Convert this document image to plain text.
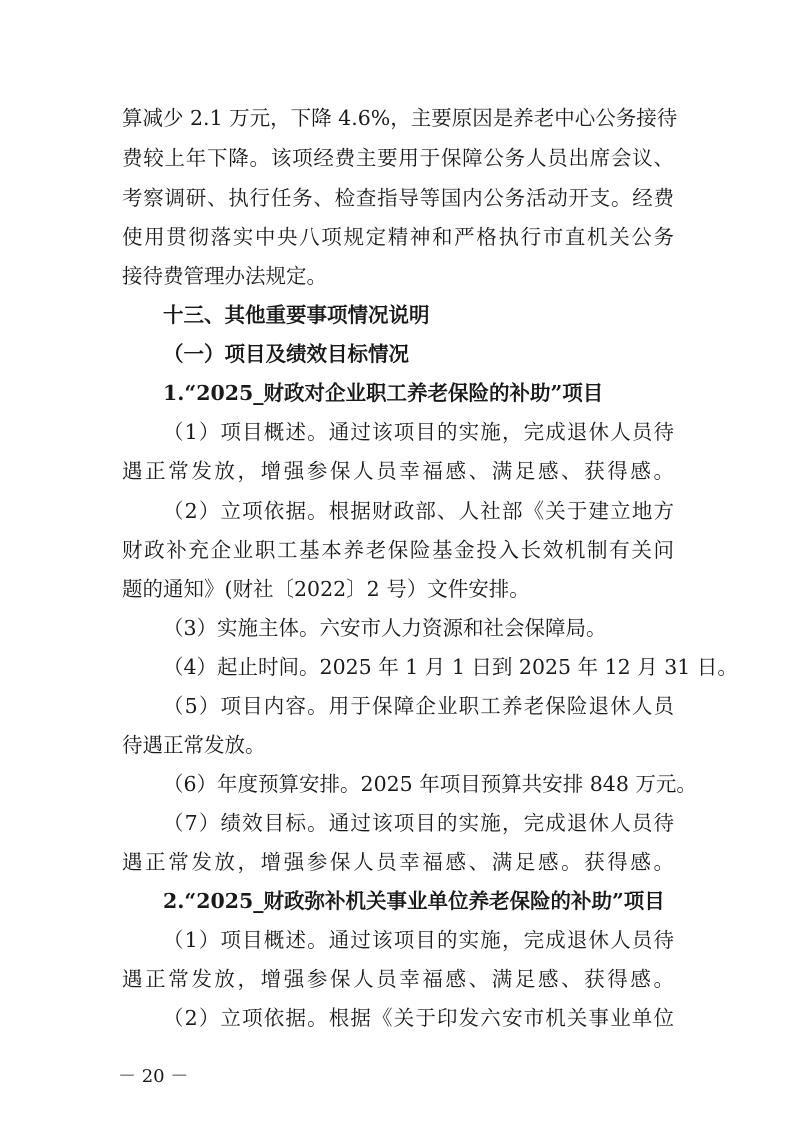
算减少 2.1 万元，下降 4.6%，主要原因是养老中心公务接待
费较上年下降。该项经费主要用于保障公务人员出席会议、
考察调研、执行任务、检查指导等国内公务活动开支。经费
使用贯彻落实中央八项规定精神和严格执行市直机关公务
接待费管理办法规定。
十三、其他重要事项情况说明
（一）项目及绩效目标情况
1.“2025_财政对企业职工养老保险的补助”项目
（1）项目概述。通过该项目的实施，完成退休人员待
遇正常发放，增强参保人员幸福感、满足感、获得感。
（2）立项依据。根据财政部、人社部《关于建立地方
财政补充企业职工基本养老保险基金投入长效机制有关问
题的通知》(财社〔2022〕2 号）文件安排。
（3）实施主体。六安市人力资源和社会保障局。
（4）起止时间。2025 年 1 月 1 日到 2025 年 12 月 31 日。
（5）项目内容。用于保障企业职工养老保险退休人员
待遇正常发放。
（6）年度预算安排。2025 年项目预算共安排 848 万元。
（7）绩效目标。通过该项目的实施，完成退休人员待
遇正常发放，增强参保人员幸福感、满足感。获得感。
2.“2025_财政弥补机关事业单位养老保险的补助”项目
（1）项目概述。通过该项目的实施，完成退休人员待
遇正常发放，增强参保人员幸福感、满足感、获得感。
（2）立项依据。根据《关于印发六安市机关事业单位
－ 20 －
